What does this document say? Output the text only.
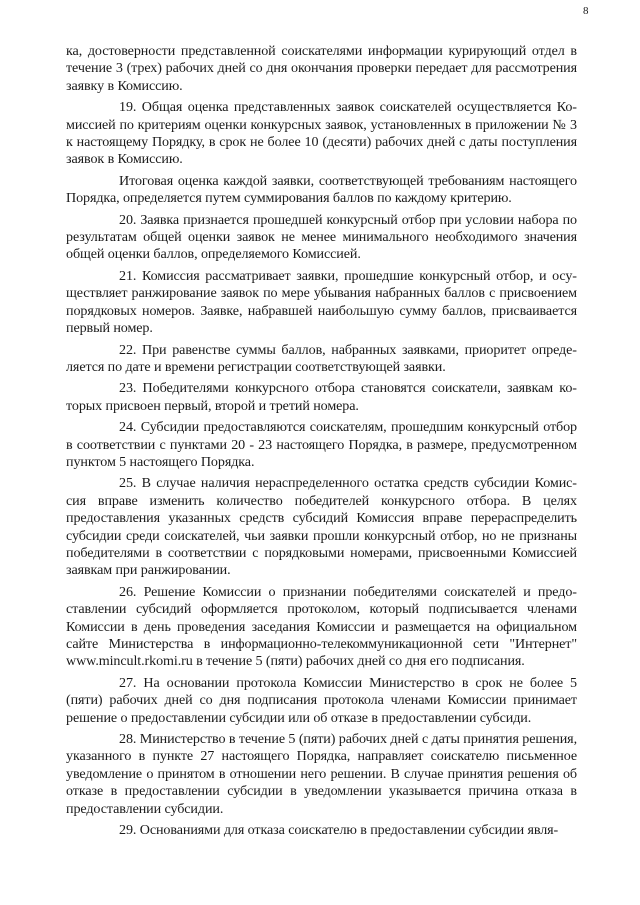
8

ка, достоверности представленной соискателями информации курирующий отдел в течение 3 (трех) рабочих дней со дня окончания проверки передает для рассмотрения заявку в Комиссию.

19. Общая оценка представленных заявок соискателей осуществляется Комиссией по критериям оценки конкурсных заявок, установленных в приложении № 3 к настоящему Порядку, в срок не более 10 (десяти) рабочих дней с даты поступления заявок в Комиссию.

Итоговая оценка каждой заявки, соответствующей требованиям настоящего Порядка, определяется путем суммирования баллов по каждому критерию.

20. Заявка признается прошедшей конкурсный отбор при условии набора по результатам общей оценки заявок не менее минимального необходимого значения общей оценки баллов, определяемого Комиссией.

21. Комиссия рассматривает заявки, прошедшие конкурсный отбор, и осуществляет ранжирование заявок по мере убывания набранных баллов с присвоением порядковых номеров. Заявке, набравшей наибольшую сумму баллов, присваивается первый номер.

22. При равенстве суммы баллов, набранных заявками, приоритет определяется по дате и времени регистрации соответствующей заявки.

23. Победителями конкурсного отбора становятся соискатели, заявкам которых присвоен первый, второй и третий номера.

24. Субсидии предоставляются соискателям, прошедшим конкурсный отбор в соответствии с пунктами 20 - 23 настоящего Порядка, в размере, предусмотренном пунктом 5 настоящего Порядка.

25. В случае наличия нераспределенного остатка средств субсидии Комиссия вправе изменить количество победителей конкурсного отбора. В целях предоставления указанных средств субсидий Комиссия вправе перераспределить субсидии среди соискателей, чьи заявки прошли конкурсный отбор, но не признаны победителями в соответствии с порядковыми номерами, присвоенными Комиссией заявкам при ранжировании.

26. Решение Комиссии о признании победителями соискателей и предоставлении субсидий оформляется протоколом, который подписывается членами Комиссии в день проведения заседания Комиссии и размещается на официальном сайте Министерства в информационно-телекоммуникационной сети "Интернет" www.mincult.rkomi.ru в течение 5 (пяти) рабочих дней со дня его подписания.

27. На основании протокола Комиссии Министерство в срок не более 5 (пяти) рабочих дней со дня подписания протокола членами Комиссии принимает решение о предоставлении субсидии или об отказе в предоставлении субсиди.

28. Министерство в течение 5 (пяти) рабочих дней с даты принятия решения, указанного в пункте 27 настоящего Порядка, направляет соискателю письменное уведомление о принятом в отношении него решении. В случае принятия решения об отказе в предоставлении субсидии в уведомлении указывается причина отказа в предоставлении субсидии.

29. Основаниями для отказа соискателю в предоставлении субсидии явля-
